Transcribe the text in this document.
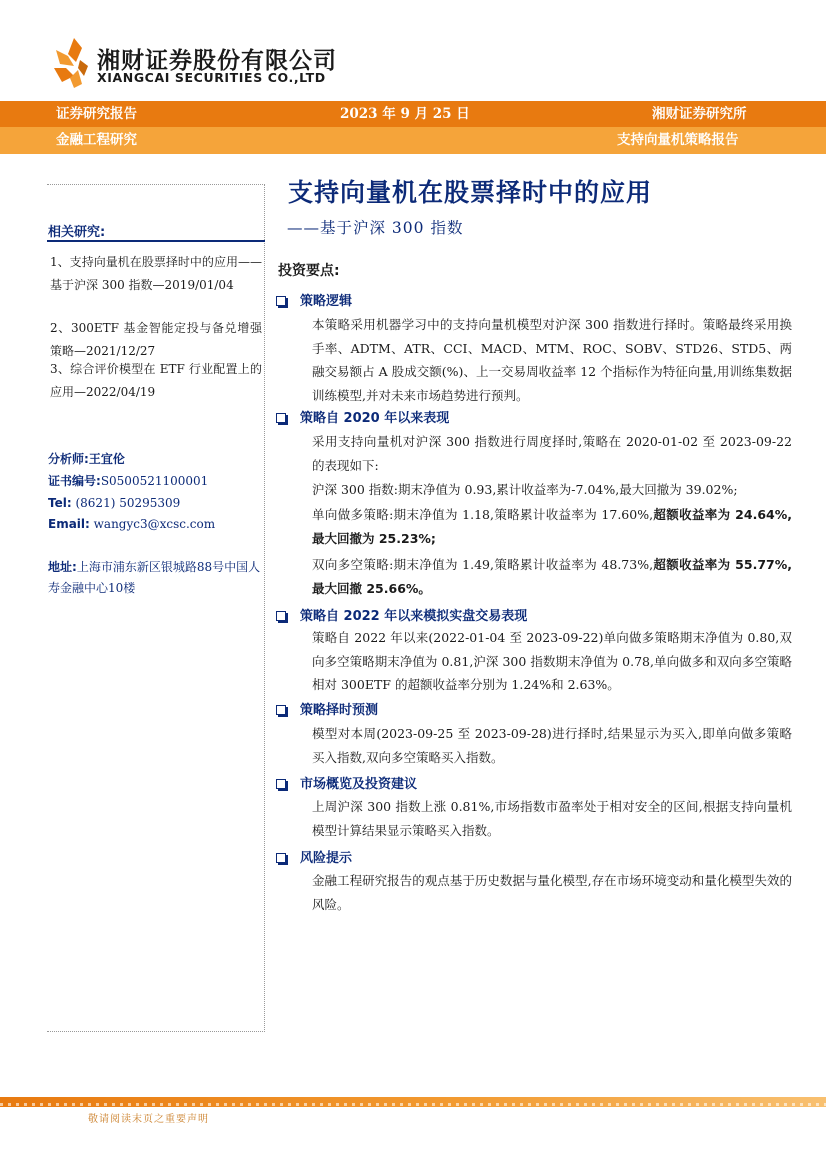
湘财证券股份有限公司
XIANGCAI SECURITIES CO.,LTD
证券研究报告	2023 年 9 月 25 日	湘财证券研究所
金融工程研究	支持向量机策略报告
支持向量机在股票择时中的应用
——基于沪深 300 指数
相关研究:
1、支持向量机在股票择时中的应用——基于沪深 300 指数—2019/01/04
2、300ETF 基金智能定投与备兑增强策略—2021/12/27
3、综合评价模型在 ETF 行业配置上的应用—2022/04/19
分析师:王宜伦
证书编号:S0500521100001
Tel: (8621) 50295309
Email: wangyc3@xcsc.com
地址:上海市浦东新区银城路88号中国人寿金融中心10楼
投资要点:
策略逻辑
本策略采用机器学习中的支持向量机模型对沪深 300 指数进行择时。策略最终采用换手率、ADTM、ATR、CCI、MACD、MTM、ROC、SOBV、STD26、STD5、两融交易额占 A 股成交额(%)、上一交易周收益率 12 个指标作为特征向量,用训练集数据训练模型,并对未来市场趋势进行预判。
策略自 2020 年以来表现
采用支持向量机对沪深 300 指数进行周度择时,策略在 2020-01-02 至 2023-09-22 的表现如下:
沪深 300 指数:期末净值为 0.93,累计收益率为-7.04%,最大回撤为 39.02%;
单向做多策略:期末净值为 1.18,策略累计收益率为 17.60%,超额收益率为 24.64%,最大回撤为 25.23%;
双向多空策略:期末净值为 1.49,策略累计收益率为 48.73%,超额收益率为 55.77%,最大回撤 25.66%。
策略自 2022 年以来模拟实盘交易表现
策略自 2022 年以来(2022-01-04 至 2023-09-22)单向做多策略期末净值为 0.80,双向多空策略期末净值为 0.81,沪深 300 指数期末净值为 0.78,单向做多和双向多空策略相对 300ETF 的超额收益率分别为 1.24%和 2.63%。
策略择时预测
模型对本周(2023-09-25 至 2023-09-28)进行择时,结果显示为买入,即单向做多策略买入指数,双向多空策略买入指数。
市场概览及投资建议
上周沪深 300 指数上涨 0.81%,市场指数市盈率处于相对安全的区间,根据支持向量机模型计算结果显示策略买入指数。
风险提示
金融工程研究报告的观点基于历史数据与量化模型,存在市场环境变动和量化模型失效的风险。
敬请阅读末页之重要声明
